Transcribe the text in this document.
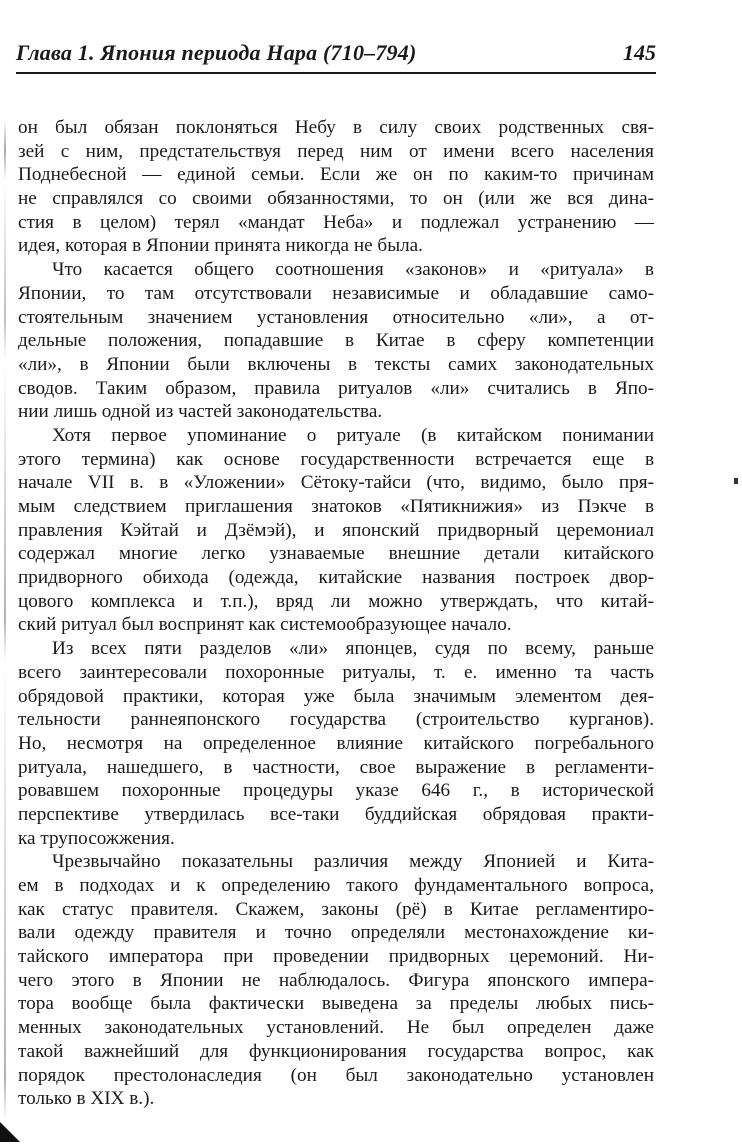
Глава 1. Япония периода Нара (710–794)	145
он был обязан поклоняться Небу в силу своих родственных свя-
зей с ним, предстательствуя перед ним от имени всего населения
Поднебесной — единой семьи. Если же он по каким-то причинам
не справлялся со своими обязанностями, то он (или же вся дина-
стия в целом) терял «мандат Неба» и подлежал устранению —
идея, которая в Японии принята никогда не была.
Что касается общего соотношения «законов» и «ритуала» в
Японии, то там отсутствовали независимые и обладавшие само-
стоятельным значением установления относительно «ли», а от-
дельные положения, попадавшие в Китае в сферу компетенции
«ли», в Японии были включены в тексты самих законодательных
сводов. Таким образом, правила ритуалов «ли» считались в Япо-
нии лишь одной из частей законодательства.
Хотя первое упоминание о ритуале (в китайском понимании
этого термина) как основе государственности встречается еще в
начале VII в. в «Уложении» Сётоку-тайси (что, видимо, было пря-
мым следствием приглашения знатоков «Пятикнижия» из Пэкче в
правления Кэйтай и Дзёмэй), и японский придворный церемониал
содержал многие легко узнаваемые внешние детали китайского
придворного обихода (одежда, китайские названия построек двор-
цового комплекса и т.п.), вряд ли можно утверждать, что китай-
ский ритуал был воспринят как системообразующее начало.
Из всех пяти разделов «ли» японцев, судя по всему, раньше
всего заинтересовали похоронные ритуалы, т. е. именно та часть
обрядовой практики, которая уже была значимым элементом дея-
тельности раннеяпонского государства (строительство курганов).
Но, несмотря на определенное влияние китайского погребального
ритуала, нашедшего, в частности, свое выражение в регламенти-
ровавшем похоронные процедуры указе 646 г., в исторической
перспективе утвердилась все-таки буддийская обрядовая практи-
ка трупосожжения.
Чрезвычайно показательны различия между Японией и Кита-
ем в подходах и к определению такого фундаментального вопроса,
как статус правителя. Скажем, законы (рё) в Китае регламентиро-
вали одежду правителя и точно определяли местонахождение ки-
тайского императора при проведении придворных церемоний. Ни-
чего этого в Японии не наблюдалось. Фигура японского импера-
тора вообще была фактически выведена за пределы любых пись-
менных законодательных установлений. Не был определен даже
такой важнейший для функционирования государства вопрос, как
порядок престолонаследия (он был законодательно установлен
только в XIX в.).
